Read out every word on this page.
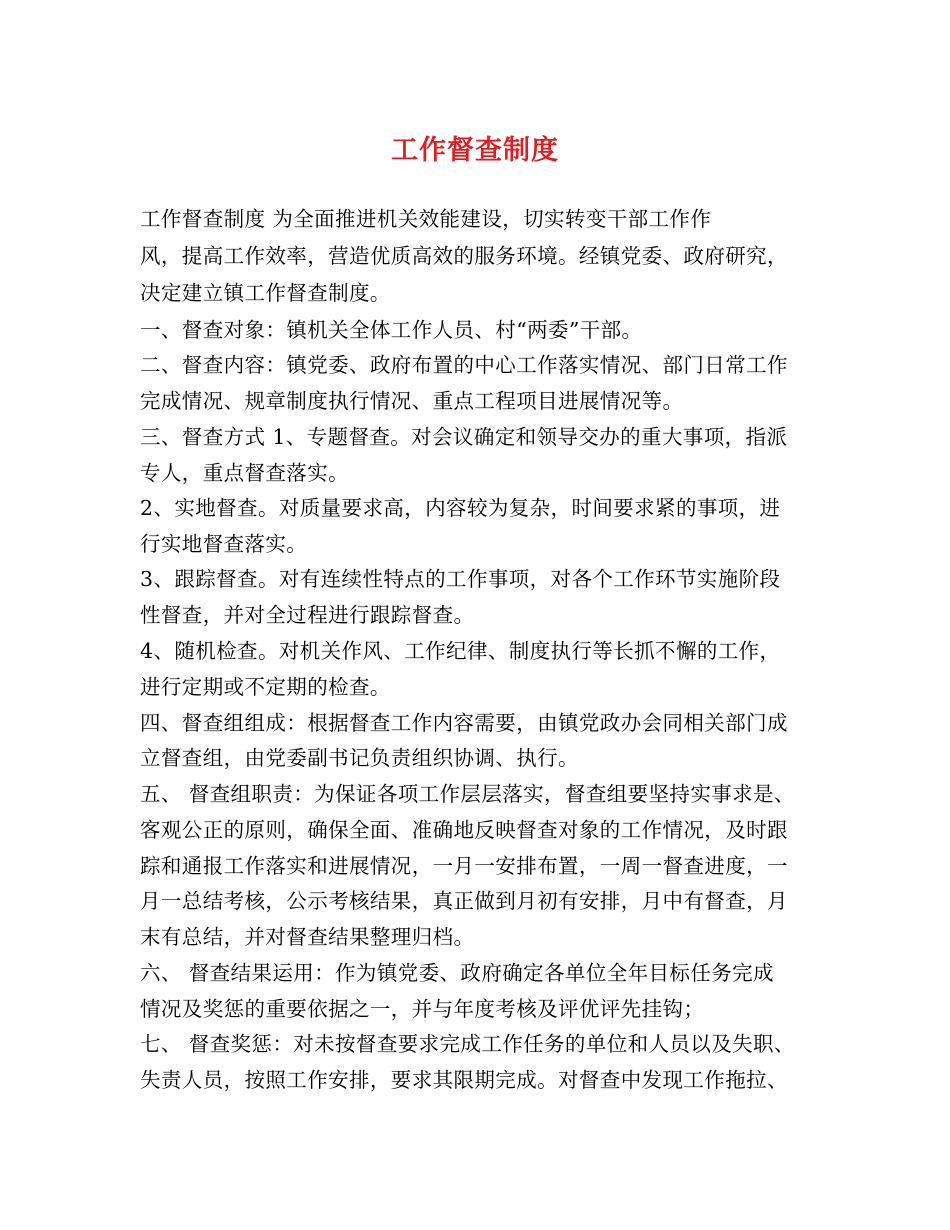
工作督查制度
工作督查制度 为全面推进机关效能建设，切实转变干部工作作
风，提高工作效率，营造优质高效的服务环境。经镇党委、政府研究，
决定建立镇工作督查制度。
一、督查对象：镇机关全体工作人员、村“两委”干部。
二、督查内容：镇党委、政府布置的中心工作落实情况、部门日常工作
完成情况、规章制度执行情况、重点工程项目进展情况等。
三、督查方式 1、专题督查。对会议确定和领导交办的重大事项，指派
专人，重点督查落实。
2、实地督查。对质量要求高，内容较为复杂，时间要求紧的事项，进
行实地督查落实。
3、跟踪督查。对有连续性特点的工作事项，对各个工作环节实施阶段
性督查，并对全过程进行跟踪督查。
4、随机检查。对机关作风、工作纪律、制度执行等长抓不懈的工作，
进行定期或不定期的检查。
四、督查组组成：根据督查工作内容需要，由镇党政办会同相关部门成
立督查组，由党委副书记负责组织协调、执行。
五、 督查组职责：为保证各项工作层层落实，督查组要坚持实事求是、
客观公正的原则，确保全面、准确地反映督查对象的工作情况，及时跟
踪和通报工作落实和进展情况，一月一安排布置，一周一督查进度，一
月一总结考核，公示考核结果，真正做到月初有安排，月中有督查，月
末有总结，并对督查结果整理归档。
六、 督查结果运用：作为镇党委、政府确定各单位全年目标任务完成
情况及奖惩的重要依据之一，并与年度考核及评优评先挂钩；
七、 督查奖惩：对未按督查要求完成工作任务的单位和人员以及失职、
失责人员，按照工作安排，要求其限期完成。对督查中发现工作拖拉、
